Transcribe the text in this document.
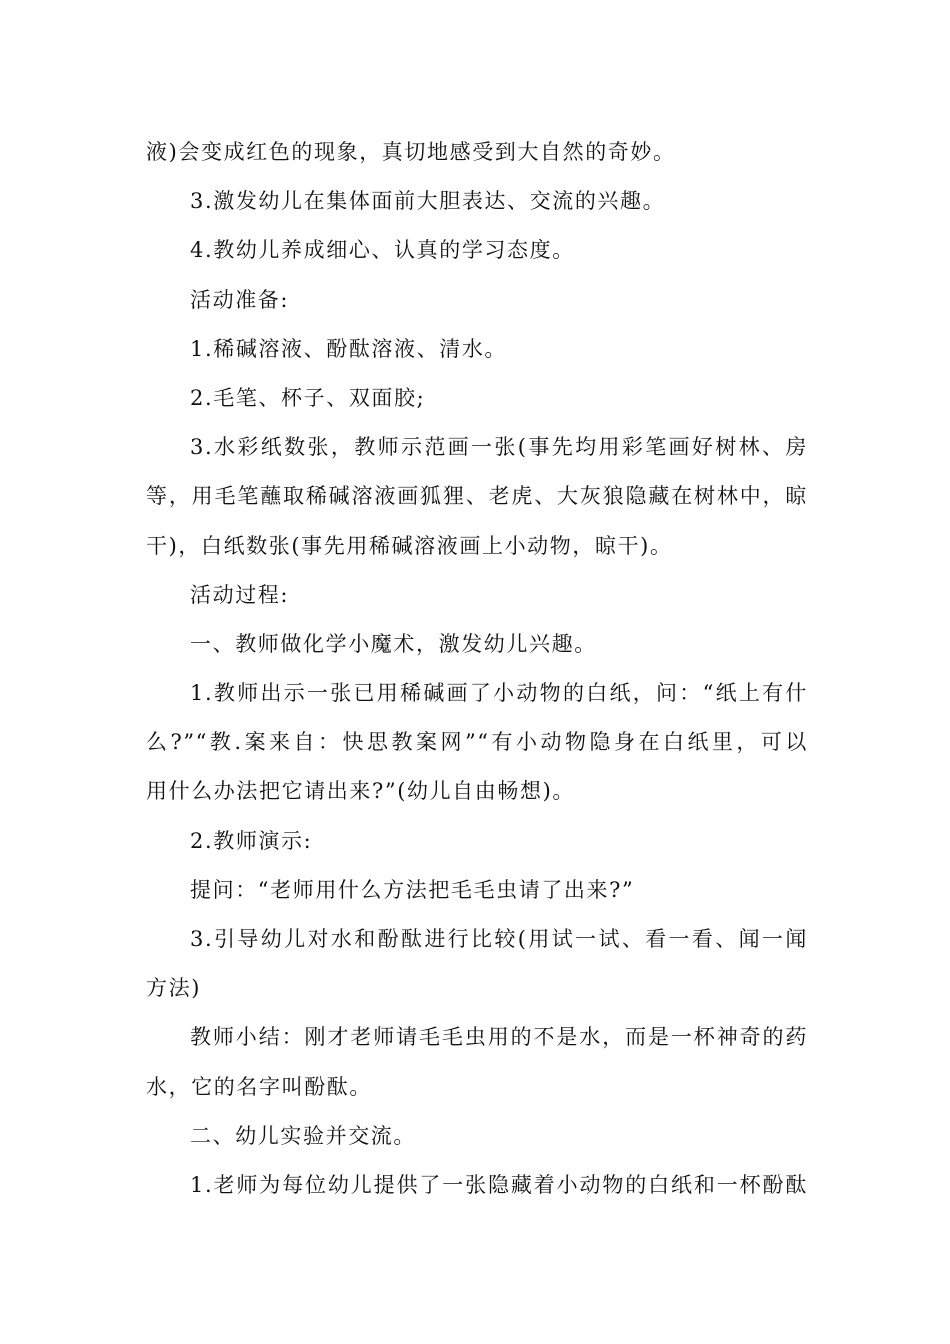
液)会变成红色的现象，真切地感受到大自然的奇妙。
3.激发幼儿在集体面前大胆表达、交流的兴趣。
4.教幼儿养成细心、认真的学习态度。
活动准备:
1.稀碱溶液、酚酞溶液、清水。
2.毛笔、杯子、双面胶;
3.水彩纸数张，教师示范画一张(事先均用彩笔画好树林、房
等，用毛笔蘸取稀碱溶液画狐狸、老虎、大灰狼隐藏在树林中，晾
干)，白纸数张(事先用稀碱溶液画上小动物，晾干)。
活动过程:
一、教师做化学小魔术，激发幼儿兴趣。
1.教师出示一张已用稀碱画了小动物的白纸，问：“纸上有什
么?”“教.案来自：快思教案网”“有小动物隐身在白纸里，可以
用什么办法把它请出来?”(幼儿自由畅想)。
2.教师演示:
提问：“老师用什么方法把毛毛虫请了出来?”
3.引导幼儿对水和酚酞进行比较(用试一试、看一看、闻一闻
方法)
教师小结：刚才老师请毛毛虫用的不是水，而是一杯神奇的药
水，它的名字叫酚酞。
二、幼儿实验并交流。
1.老师为每位幼儿提供了一张隐藏着小动物的白纸和一杯酚酞
